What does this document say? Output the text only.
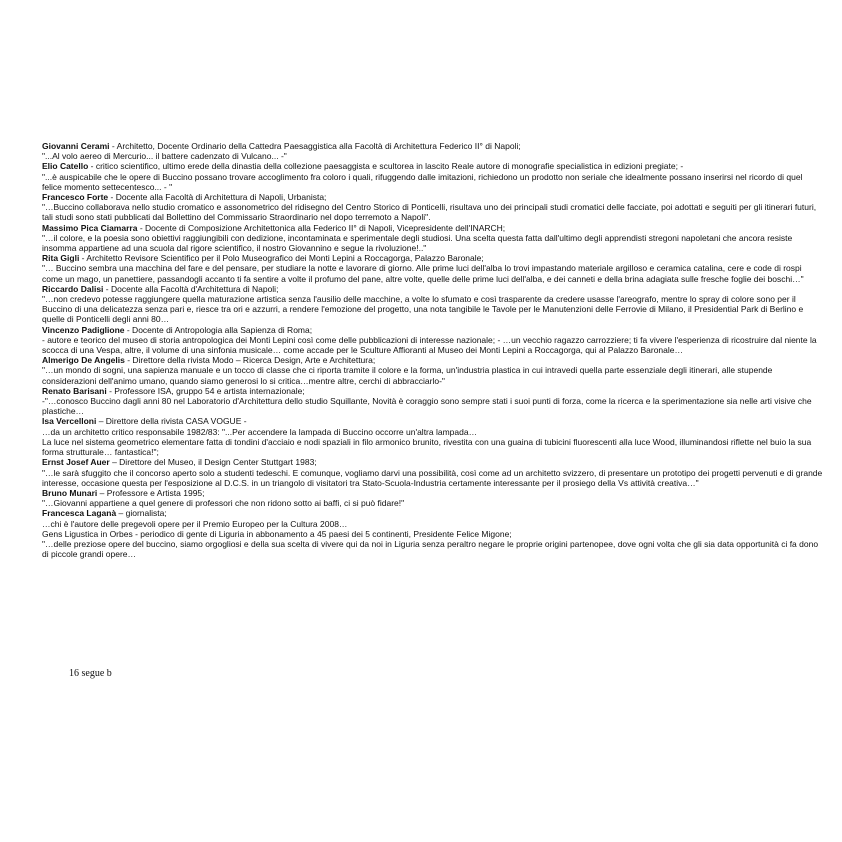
Giovanni Cerami - Architetto, Docente Ordinario della Cattedra Paesaggistica alla Facoltà di Architettura Federico II° di Napoli;

"...Al volo aereo di Mercurio... il battere cadenzato di Vulcano... -"

Elio Catello - critico scientifico, ultimo erede della dinastia della collezione paesaggista e scultorea in lascito Reale autore di monografie specialistica in edizioni pregiate; -

"...è auspicabile che le opere di Buccino possano trovare accoglimento fra coloro i quali, rifuggendo dalle imitazioni, richiedono un prodotto non seriale che idealmente possano inserirsi nel ricordo di quel felice momento settecentesco... - "

Francesco Forte - Docente alla Facoltà di Architettura di Napoli, Urbanista;

"…Buccino collaborava nello studio cromatico e assonometrico del ridisegno del Centro Storico di Ponticelli, risultava uno dei principali studi cromatici delle facciate, poi adottati e seguiti per gli itinerari futuri, tali studi sono stati pubblicati dal Bollettino del Commissario Straordinario nel dopo terremoto a Napoli".

Massimo Pica Ciamarra - Docente di Composizione Architettonica alla Federico II° di Napoli, Vicepresidente dell'INARCH;

"…il colore, e la poesia sono obiettivi raggiungibili con dedizione, incontaminata e sperimentale degli studiosi. Una scelta questa fatta dall'ultimo degli apprendisti stregoni napoletani che ancora resiste insomma appartiene ad una scuola dal rigore scientifico, il nostro Giovannino e segue la rivoluzione!.."

Rita Gigli - Architetto Revisore Scientifico per il Polo Museografico dei Monti Lepini a Roccagorga, Palazzo Baronale;

"… Buccino sembra una macchina del fare e del pensare, per studiare la notte e lavorare di giorno. Alle prime luci dell'alba lo trovi impastando materiale argilloso e ceramica catalina, cere e code di rospi come un mago, un panettiere, passandogli accanto ti fa sentire a volte il profumo del pane, altre volte, quelle delle prime luci dell'alba, e dei canneti e della brina adagiata sulle fresche foglie dei boschi…"

Riccardo Dalisi - Docente alla Facoltà d'Architettura di Napoli;

"…non credevo potesse raggiungere quella maturazione artistica senza l'ausilio delle macchine, a volte lo sfumato e così trasparente da credere usasse l'areografo, mentre lo spray di colore sono per il Buccino di una delicatezza senza pari e, riesce tra ori e azzurri, a rendere l'emozione del progetto, una nota tangibile le Tavole per le Manutenzioni delle Ferrovie di Milano, il Presidential Park di Berlino e quelle di Ponticelli degli anni 80…

Vincenzo Padiglione - Docente di Antropologia alla Sapienza di Roma;

- autore e teorico del museo di storia antropologica dei Monti Lepini così come delle pubblicazioni di interesse nazionale; - …un vecchio ragazzo carrozziere; ti fa vivere l'esperienza di ricostruire dal niente la scocca di una Vespa, altre, il volume di una sinfonia musicale… come accade per le Sculture Affioranti al Museo dei Monti Lepini a Roccagorga, qui al Palazzo Baronale…

Almerigo De Angelis - Direttore della rivista Modo – Ricerca Design, Arte e Architettura;

"…un mondo di sogni, una sapienza manuale e un tocco di classe che ci riporta tramite il colore e la forma, un'industria plastica in cui intravedi quella parte essenziale degli itinerari, alle stupende considerazioni dell'animo umano, quando siamo generosi lo si critica…mentre altre, cerchi di abbracciarlo-"

Renato Barisani - Professore ISA, gruppo 54 e artista internazionale;

-"…conosco Buccino dagli anni 80 nel Laboratorio d'Architettura dello studio Squillante, Novità è coraggio sono sempre stati i suoi punti di forza, come la ricerca e la sperimentazione sia nelle arti visive che plastiche…

Isa Vercelloni – Direttore della rivista CASA VOGUE -

…da un architetto critico responsabile 1982/83: "...Per accendere la lampada di Buccino occorre un'altra lampada…

La luce nel sistema geometrico elementare fatta di tondini d'acciaio e nodi spaziali in filo armonico brunito, rivestita con una guaina di tubicini fluorescenti alla luce Wood, illuminandosi riflette nel buio la sua forma strutturale… fantastica!";

Ernst Josef Auer – Direttore del Museo, il Design Center Stuttgart 1983;

"…le sarà sfuggito che il concorso aperto solo a studenti tedeschi. E comunque, vogliamo darvi una possibilità, così come ad un architetto svizzero, di presentare un prototipo dei progetti pervenuti e di grande interesse, occasione questa per l'esposizione al D.C.S. in un triangolo di visitatori tra Stato-Scuola-Industria certamente interessante per il prosiego della Vs attività creativa…"

Bruno Munari – Professore e Artista 1995;

"…Giovanni appartiene a quel genere di professori che non ridono sotto ai baffi, ci si può fidare!"

Francesca Laganà – giornalista;

…chi è l'autore delle pregevoli opere per il Premio Europeo per la Cultura 2008…

Gens Ligustica in Orbes - periodico di gente di Liguria in abbonamento a 45 paesi dei 5 continenti, Presidente Felice Migone;

"…delle preziose opere del buccino, siamo orgogliosi e della sua scelta di vivere qui da noi in Liguria senza peraltro negare le proprie origini partenopee, dove ogni volta che gli sia data opportunità ci fa dono di piccole grandi opere…

16 segue b
